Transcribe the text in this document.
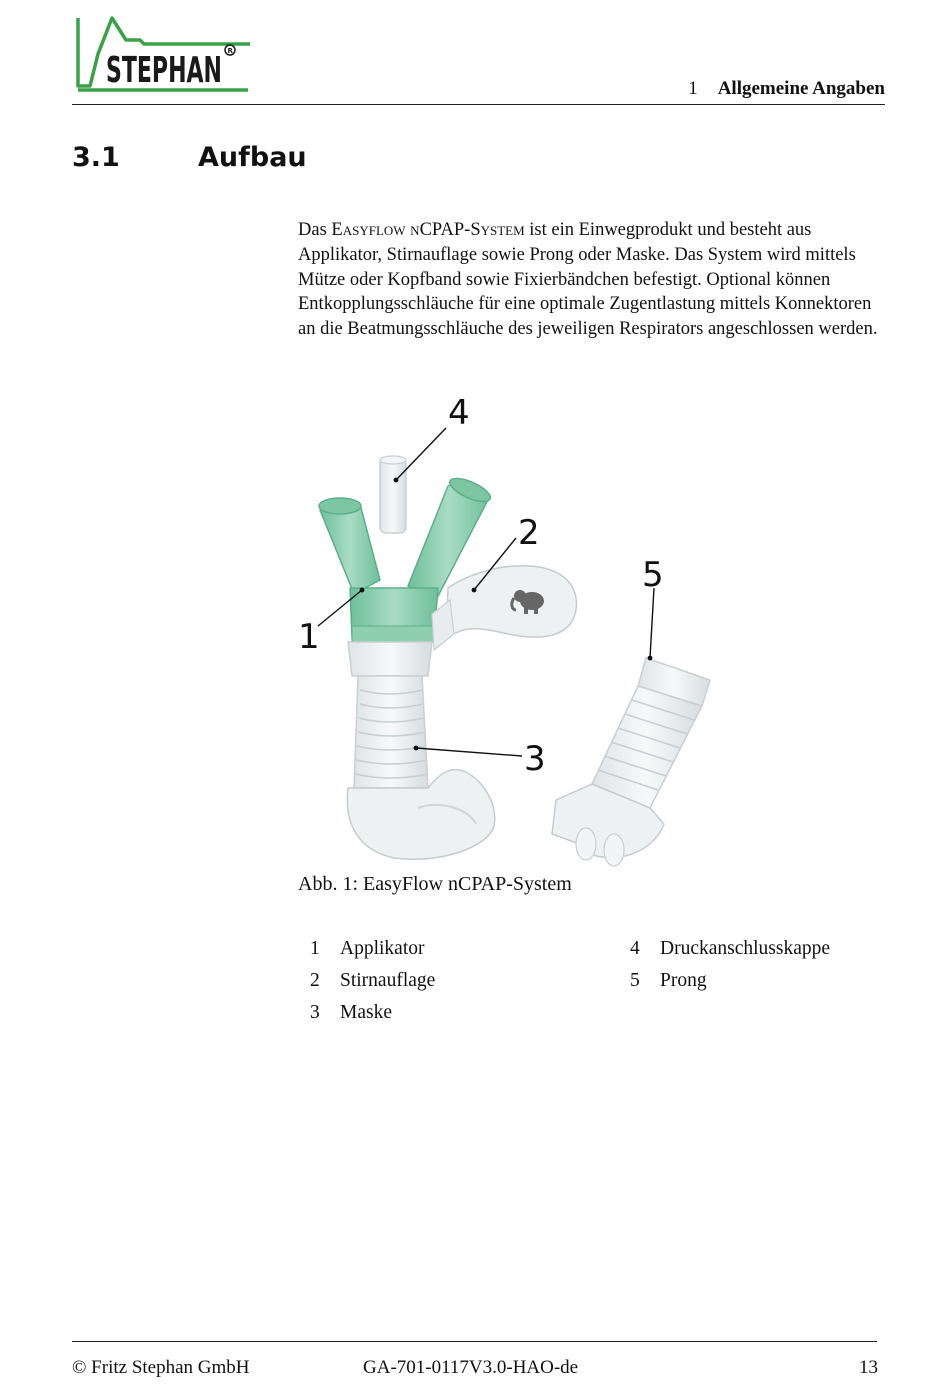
STEPHAN R
1 Allgemeine Angaben
3.1	Aufbau

Das Easyflow nCPAP-System ist ein Einwegprodukt und besteht aus Applikator, Stirnauflage sowie Prong oder Maske. Das System wird mittels Mütze oder Kopfband sowie Fixierbändchen befestigt. Optional können Entkopplungsschläuche für eine optimale Zugentlastung mittels Konnektoren an die Beatmungsschläuche des jeweiligen Respirators angeschlossen werden.

1
2
3
4
5
Abb. 1: EasyFlow nCPAP-System
1 Applikator
2 Stirnauflage
3 Maske
4 Druckanschlusskappe
5 Prong
© Fritz Stephan GmbH	GA-701-0117V3.0-HAO-de	13
